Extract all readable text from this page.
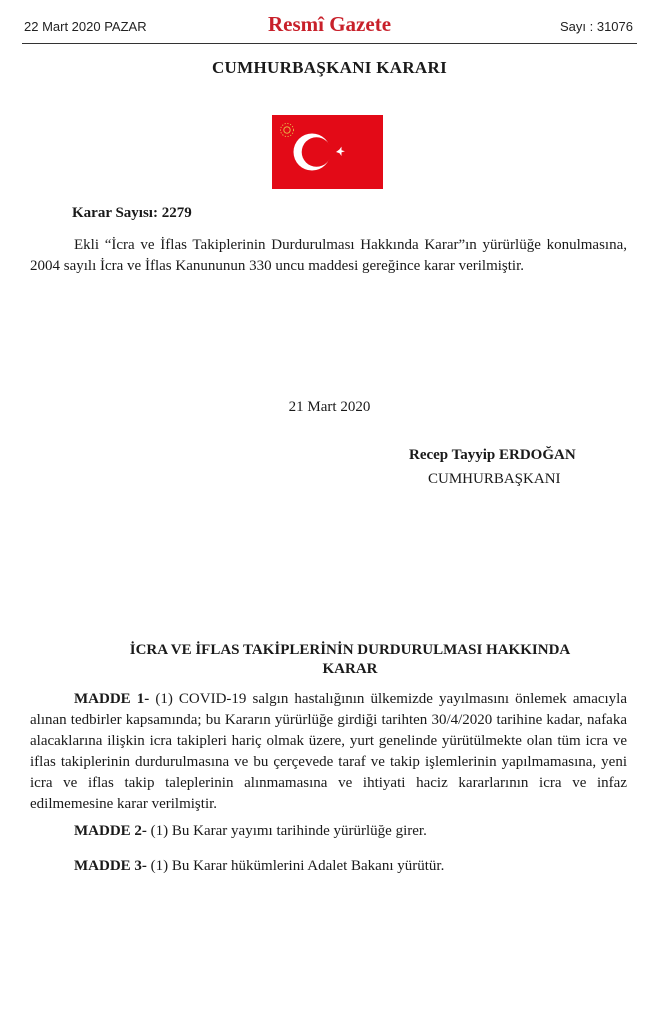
22 Mart 2020 PAZAR	Resmî Gazete	Sayı : 31076
CUMHURBAŞKANI KARARI
Karar Sayısı: 2279
Ekli “İcra ve İflas Takiplerinin Durdurulması Hakkında Karar”ın yürürlüğe konulmasına, 2004 sayılı İcra ve İflas Kanununun 330 uncu maddesi gereğince karar verilmiştir.
21 Mart 2020
Recep Tayyip ERDOĞAN
CUMHURBAŞKANI
İCRA VE İFLAS TAKİPLERİNİN DURDURULMASI HAKKINDA KARAR
MADDE 1- (1) COVID-19 salgın hastalığının ülkemizde yayılmasını önlemek amacıyla alınan tedbirler kapsamında; bu Kararın yürürlüğe girdiği tarihten 30/4/2020 tarihine kadar, nafaka alacaklarına ilişkin icra takipleri hariç olmak üzere, yurt genelinde yürütülmekte olan tüm icra ve iflas takiplerinin durdurulmasına ve bu çerçevede taraf ve takip işlemlerinin yapılmamasına, yeni icra ve iflas takip taleplerinin alınmamasına ve ihtiyati haciz kararlarının icra ve infaz edilmemesine karar verilmiştir.
MADDE 2- (1) Bu Karar yayımı tarihinde yürürlüğe girer.
MADDE 3- (1) Bu Karar hükümlerini Adalet Bakanı yürütür.
